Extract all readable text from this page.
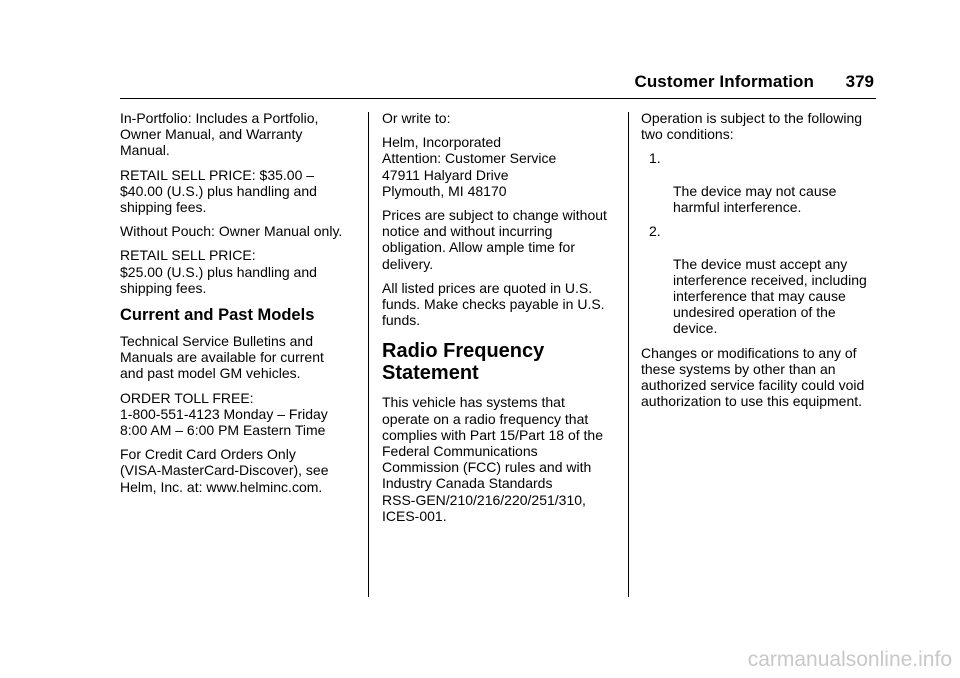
Customer Information 379

In-Portfolio: Includes a Portfolio,
Owner Manual, and Warranty
Manual.

RETAIL SELL PRICE: $35.00 –
$40.00 (U.S.) plus handling and
shipping fees.

Without Pouch: Owner Manual only.

RETAIL SELL PRICE:
$25.00 (U.S.) plus handling and
shipping fees.

Current and Past Models

Technical Service Bulletins and
Manuals are available for current
and past model GM vehicles.

ORDER TOLL FREE:
1-800-551-4123 Monday – Friday
8:00 AM – 6:00 PM Eastern Time

For Credit Card Orders Only
(VISA-MasterCard-Discover), see
Helm, Inc. at: www.helminc.com.

Or write to:

Helm, Incorporated
Attention: Customer Service
47911 Halyard Drive
Plymouth, MI 48170

Prices are subject to change without
notice and without incurring
obligation. Allow ample time for
delivery.

All listed prices are quoted in U.S.
funds. Make checks payable in U.S.
funds.

Radio Frequency
Statement

This vehicle has systems that
operate on a radio frequency that
complies with Part 15/Part 18 of the
Federal Communications
Commission (FCC) rules and with
Industry Canada Standards
RSS-GEN/210/216/220/251/310,
ICES-001.

Operation is subject to the following
two conditions:

1.

The device may not cause
harmful interference.

2.

The device must accept any
interference received, including
interference that may cause
undesired operation of the
device.

Changes or modifications to any of
these systems by other than an
authorized service facility could void
authorization to use this equipment.

carmanualsonline.info
